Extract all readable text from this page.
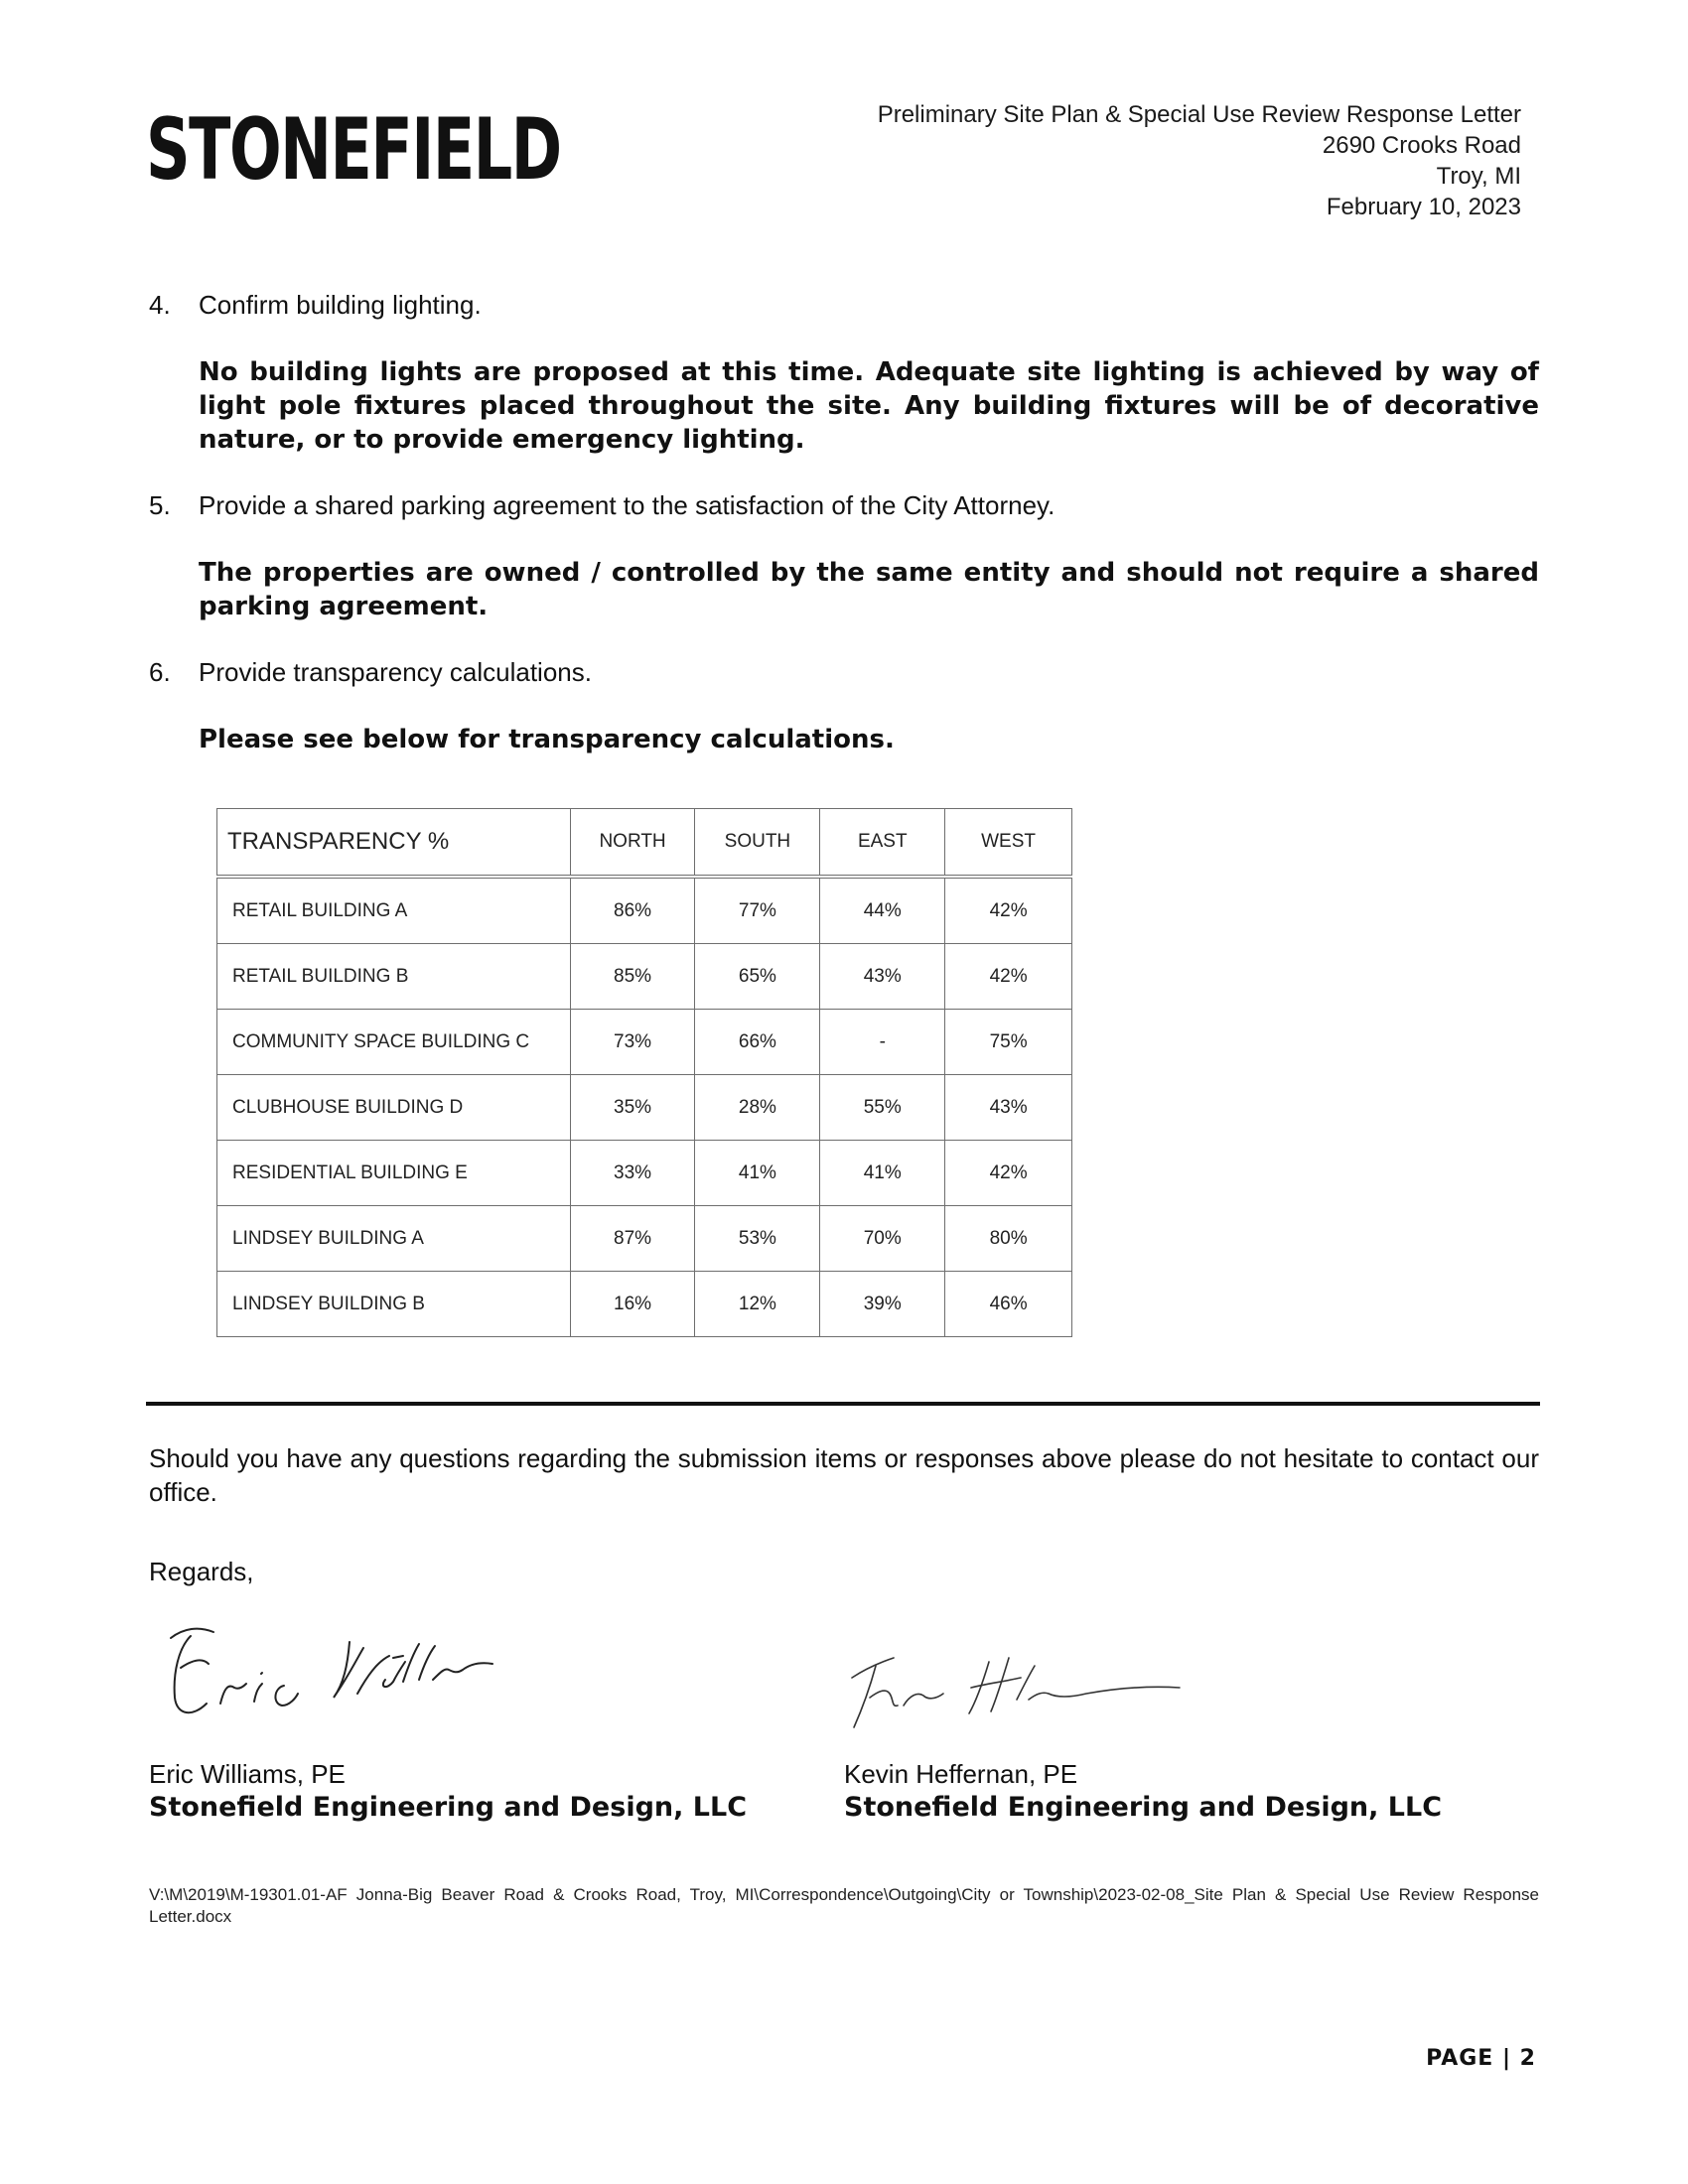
STONEFIELD	Preliminary Site Plan & Special Use Review Response Letter
2690 Crooks Road
Troy, MI
February 10, 2023
4. Confirm building lighting.
No building lights are proposed at this time. Adequate site lighting is achieved by way of light pole fixtures placed throughout the site. Any building fixtures will be of decorative nature, or to provide emergency lighting.
5. Provide a shared parking agreement to the satisfaction of the City Attorney.
The properties are owned / controlled by the same entity and should not require a shared parking agreement.
6. Provide transparency calculations.
Please see below for transparency calculations.
TRANSPARENCY %	NORTH	SOUTH	EAST	WEST
RETAIL BUILDING A	86%	77%	44%	42%
RETAIL BUILDING B	85%	65%	43%	42%
COMMUNITY SPACE BUILDING C	73%	66%	-	75%
CLUBHOUSE BUILDING D	35%	28%	55%	43%
RESIDENTIAL BUILDING E	33%	41%	41%	42%
LINDSEY BUILDING A	87%	53%	70%	80%
LINDSEY BUILDING B	16%	12%	39%	46%
Should you have any questions regarding the submission items or responses above please do not hesitate to contact our office.
Regards,
Eric Williams, PE
Stonefield Engineering and Design, LLC
Kevin Heffernan, PE
Stonefield Engineering and Design, LLC
V:\M\2019\M-19301.01-AF Jonna-Big Beaver Road & Crooks Road, Troy, MI\Correspondence\Outgoing\City or Township\2023-02-08_Site Plan & Special Use Review Response Letter.docx
PAGE | 2
